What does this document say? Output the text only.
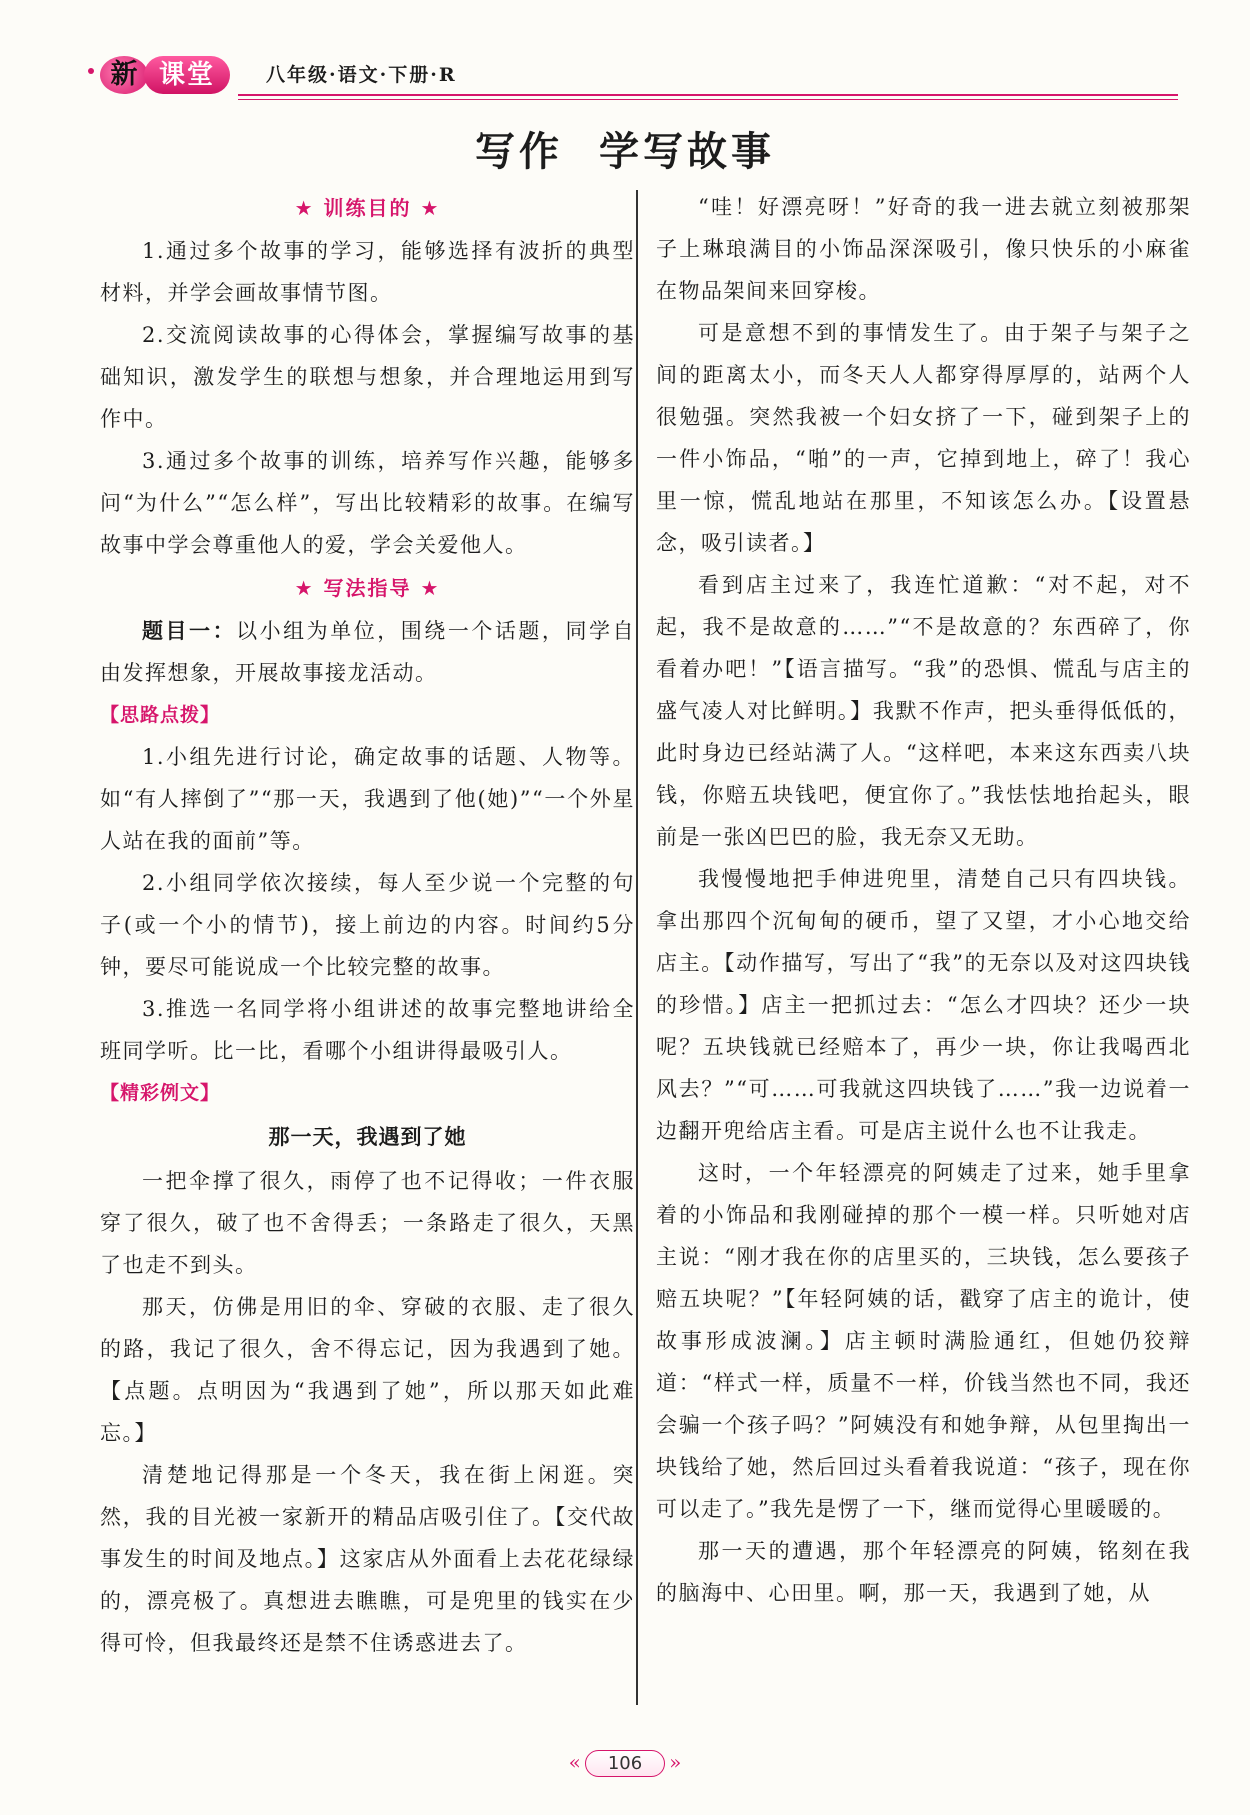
新 课堂	八年级·语文·下册·R
写作 学写故事
★ 训练目的 ★

1.通过多个故事的学习，能够选择有波折的典型材料，并学会画故事情节图。

2.交流阅读故事的心得体会，掌握编写故事的基础知识，激发学生的联想与想象，并合理地运用到写作中。

3.通过多个故事的训练，培养写作兴趣，能够多问“为什么”“怎么样”，写出比较精彩的故事。在编写故事中学会尊重他人的爱，学会关爱他人。

★ 写法指导 ★

题目一：以小组为单位，围绕一个话题，同学自由发挥想象，开展故事接龙活动。

【思路点拨】

1.小组先进行讨论，确定故事的话题、人物等。如“有人摔倒了”“那一天，我遇到了他(她)”“一个外星人站在我的面前”等。

2.小组同学依次接续，每人至少说一个完整的句子(或一个小的情节)，接上前边的内容。时间约5分钟，要尽可能说成一个比较完整的故事。

3.推选一名同学将小组讲述的故事完整地讲给全班同学听。比一比，看哪个小组讲得最吸引人。

【精彩例文】
那一天，我遇到了她

一把伞撑了很久，雨停了也不记得收；一件衣服穿了很久，破了也不舍得丢；一条路走了很久，天黑了也走不到头。

那天，仿佛是用旧的伞、穿破的衣服、走了很久的路，我记了很久，舍不得忘记，因为我遇到了她。【点题。点明因为“我遇到了她”，所以那天如此难忘。】

清楚地记得那是一个冬天，我在街上闲逛。突然，我的目光被一家新开的精品店吸引住了。【交代故事发生的时间及地点。】这家店从外面看上去花花绿绿的，漂亮极了。真想进去瞧瞧，可是兜里的钱实在少得可怜，但我最终还是禁不住诱惑进去了。

“哇！好漂亮呀！”好奇的我一进去就立刻被那架子上琳琅满目的小饰品深深吸引，像只快乐的小麻雀在物品架间来回穿梭。

可是意想不到的事情发生了。由于架子与架子之间的距离太小，而冬天人人都穿得厚厚的，站两个人很勉强。突然我被一个妇女挤了一下，碰到架子上的一件小饰品，“啪”的一声，它掉到地上，碎了！我心里一惊，慌乱地站在那里，不知该怎么办。【设置悬念，吸引读者。】

看到店主过来了，我连忙道歉：“对不起，对不起，我不是故意的……”“不是故意的？东西碎了，你看着办吧！”【语言描写。“我”的恐惧、慌乱与店主的盛气凌人对比鲜明。】我默不作声，把头垂得低低的，此时身边已经站满了人。“这样吧，本来这东西卖八块钱，你赔五块钱吧，便宜你了。”我怯怯地抬起头，眼前是一张凶巴巴的脸，我无奈又无助。

我慢慢地把手伸进兜里，清楚自己只有四块钱。拿出那四个沉甸甸的硬币，望了又望，才小心地交给店主。【动作描写，写出了“我”的无奈以及对这四块钱的珍惜。】店主一把抓过去：“怎么才四块？还少一块呢？五块钱就已经赔本了，再少一块，你让我喝西北风去？”“可……可我就这四块钱了……”我一边说着一边翻开兜给店主看。可是店主说什么也不让我走。

这时，一个年轻漂亮的阿姨走了过来，她手里拿着的小饰品和我刚碰掉的那个一模一样。只听她对店主说：“刚才我在你的店里买的，三块钱，怎么要孩子赔五块呢？”【年轻阿姨的话，戳穿了店主的诡计，使故事形成波澜。】店主顿时满脸通红，但她仍狡辩道：“样式一样，质量不一样，价钱当然也不同，我还会骗一个孩子吗？”阿姨没有和她争辩，从包里掏出一块钱给了她，然后回过头看着我说道：“孩子，现在你可以走了。”我先是愣了一下，继而觉得心里暖暖的。

那一天的遭遇，那个年轻漂亮的阿姨，铭刻在我的脑海中、心田里。啊，那一天，我遇到了她，从

« 106 »
